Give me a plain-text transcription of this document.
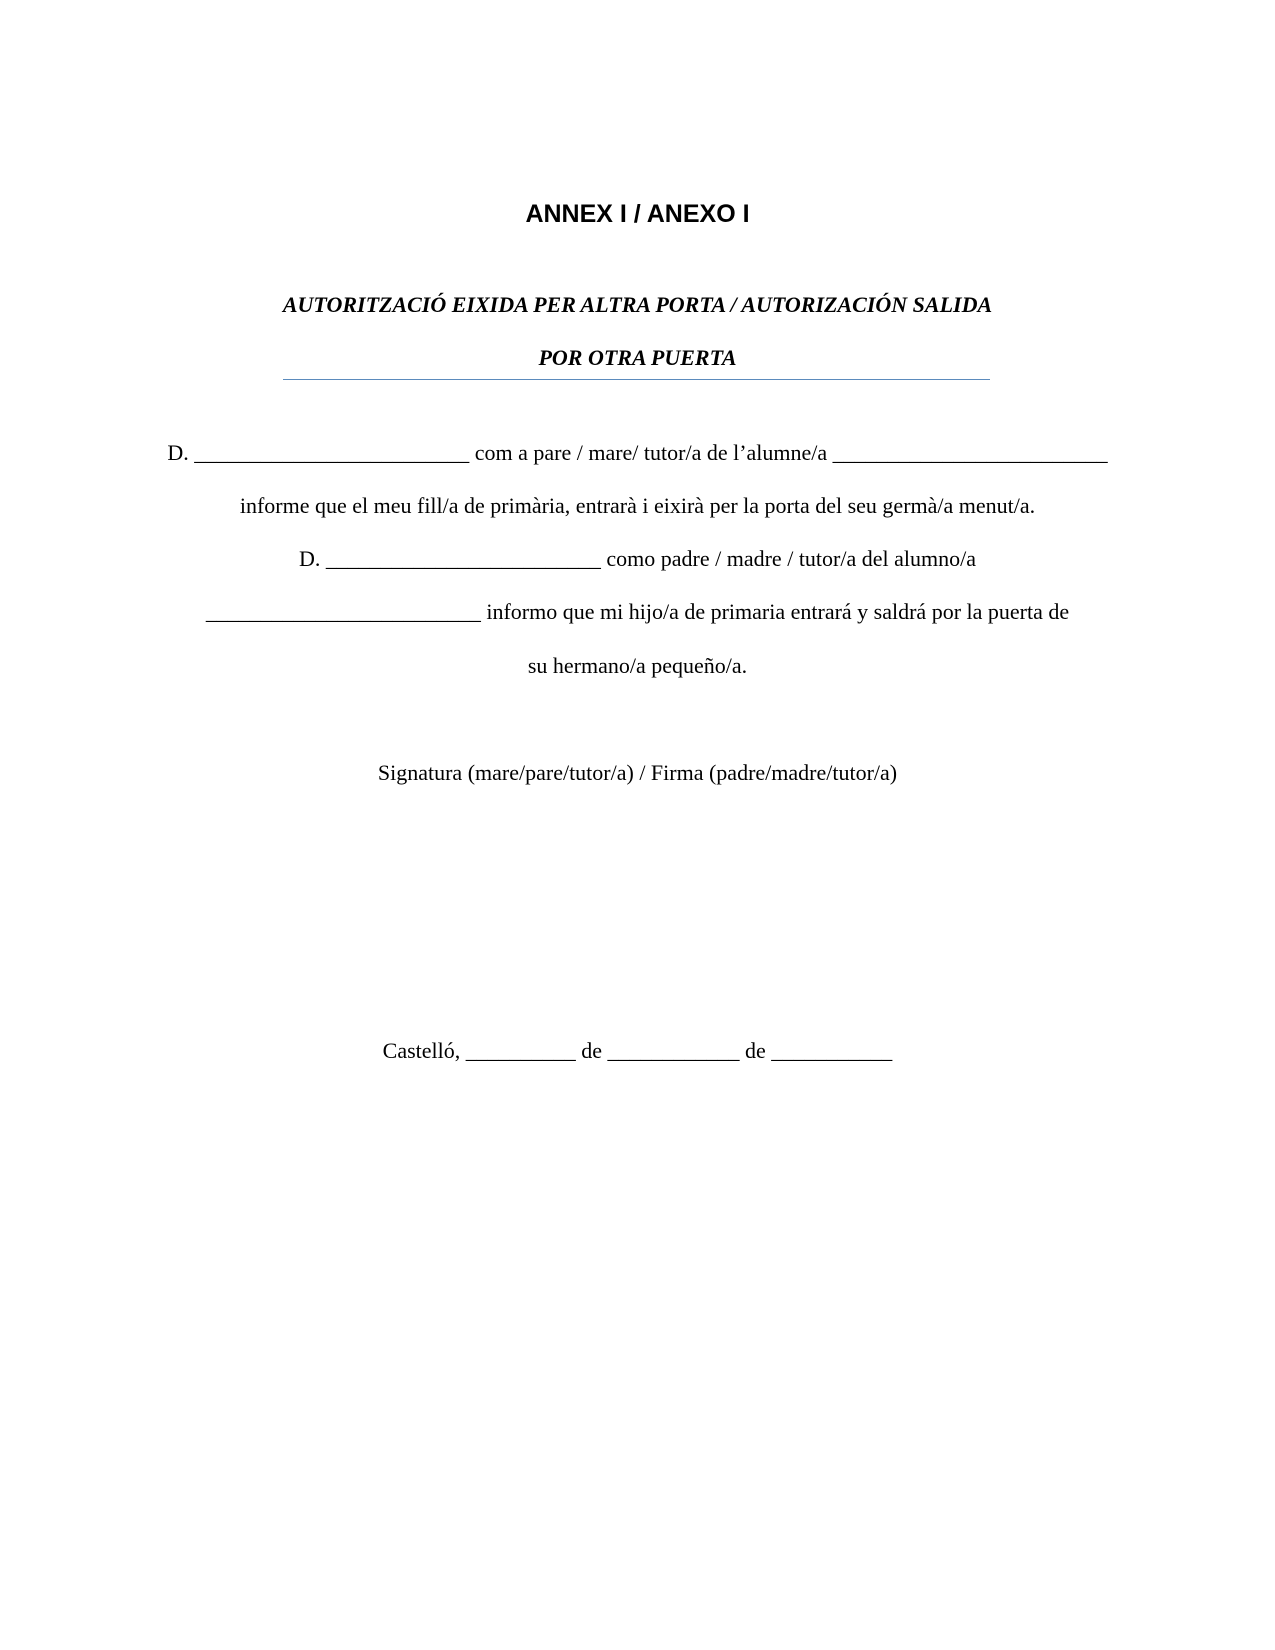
ANNEX I / ANEXO I
AUTORITZACIÓ EIXIDA PER ALTRA PORTA / AUTORIZACIÓN SALIDA
POR OTRA PUERTA
D. _________________________ com a pare / mare/ tutor/a de l’alumne/a _________________________
informe que el meu fill/a de primària, entrarà i eixirà per la porta del seu germà/a menut/a.
D. _________________________ como padre / madre / tutor/a del alumno/a
_________________________ informo que mi hijo/a de primaria entrará y saldrá por la puerta de
su hermano/a pequeño/a.
Signatura (mare/pare/tutor/a) / Firma (padre/madre/tutor/a)
Castelló, __________ de ____________ de ___________
